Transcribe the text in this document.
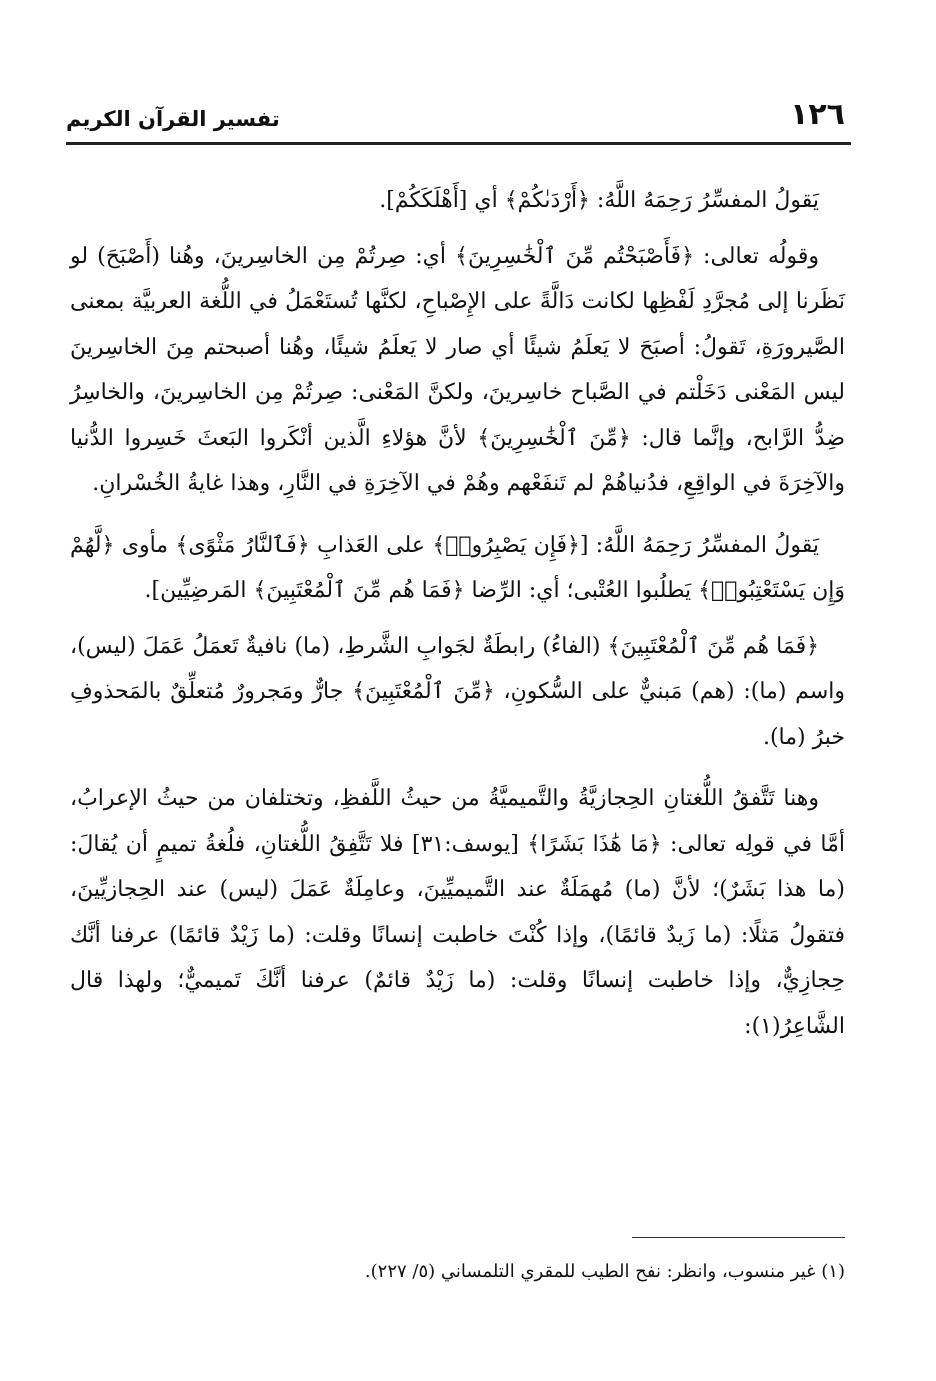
١٢٦
تفسير القرآن الكريم

يَقولُ المفسِّرُ رَحِمَهُ اللَّهُ: ﴿أَرْدَىٰكُمْ﴾ أي [أَهْلَكَكُمْ].

وقولُه تعالى: ﴿فَأَصْبَحْتُم مِّنَ ٱلْخَٰسِرِينَ﴾ أي: صِرتُمْ مِن الخاسِرينَ، وهُنا (أَصْبَحَ) لو نَظَرنا إلى مُجرَّدِ لَفْظِها لكانت دَالَّةً على الإِصْباحِ، لكنَّها تُستَعْمَلُ في اللُّغة العربيَّة بمعنى الصَّيرورَةِ، تَقولُ: أصبَحَ لا يَعلَمُ شيئًا أي صار لا يَعلَمُ شيئًا، وهُنا أصبحتم مِنَ الخاسِرينَ ليس المَعْنى دَخَلْتم في الصَّباح خاسِرينَ، ولكنَّ المَعْنى: صِرتُمْ مِن الخاسِرينَ، والخاسِرُ ضِدُّ الرَّابح، وإنَّما قال: ﴿مِّنَ ٱلْخَٰسِرِينَ﴾ لأنَّ هؤلاءِ الَّذين أنْكَروا البَعثَ خَسِروا الدُّنيا والآخِرَةَ في الواقِعِ، فدُنياهُمْ لم تَنفَعْهم وهُمْ في الآخِرَةِ في النَّارِ، وهذا غايةُ الخُسْرانِ.

يَقولُ المفسِّرُ رَحِمَهُ اللَّهُ: [﴿فَإِن يَصْبِرُوا۟﴾ على العَذابِ ﴿فَٱلنَّارُ مَثْوًى﴾ مأوى ﴿لَّهُمْ وَإِن يَسْتَعْتِبُوا۟﴾ يَطلُبوا العُتْبى؛ أي: الرِّضا ﴿فَمَا هُم مِّنَ ٱلْمُعْتَبِينَ﴾ المَرضِيِّين].

﴿فَمَا هُم مِّنَ ٱلْمُعْتَبِينَ﴾ (الفاءُ) رابطَةٌ لجَوابِ الشَّرطِ، (ما) نافيةٌ تَعمَلُ عَمَلَ (ليس)، واسم (ما): (هم) مَبنيٌّ على السُّكونِ، ﴿مِّنَ ٱلْمُعْتَبِينَ﴾ جارٌّ ومَجرورٌ مُتعلِّقٌ بالمَحذوفِ خبرُ (ما).

وهنا تَتَّفقُ اللُّغتانِ الحِجازيَّةُ والتَّميميَّةُ من حيثُ اللَّفظِ، وتختلفان من حيثُ الإعرابُ، أمَّا في قولِه تعالى: ﴿مَا هَٰذَا بَشَرًا﴾ [يوسف:٣١] فلا تَتَّفِقُ اللُّغتانِ، فلُغةُ تميمٍ أن يُقالَ: (ما هذا بَشَرٌ)؛ لأنَّ (ما) مُهمَلَةٌ عند التَّميميِّينَ، وعامِلَةٌ عَمَلَ (ليس) عند الحِجازيِّينَ، فتقولُ مَثلًا: (ما زَيدٌ قائمًا)، وإذا كُنْتَ خاطبت إنسانًا وقلت: (ما زَيْدٌ قائمًا) عرفنا أنَّك حِجازِيٌّ، وإذا خاطبت إنسانًا وقلت: (ما زَيْدٌ قائمٌ) عرفنا أنَّكَ تَميميٌّ؛ ولهذا قال الشَّاعِرُ(١):

(١) غير منسوب، وانظر: نفح الطيب للمقري التلمساني (٥/ ٢٢٧).
